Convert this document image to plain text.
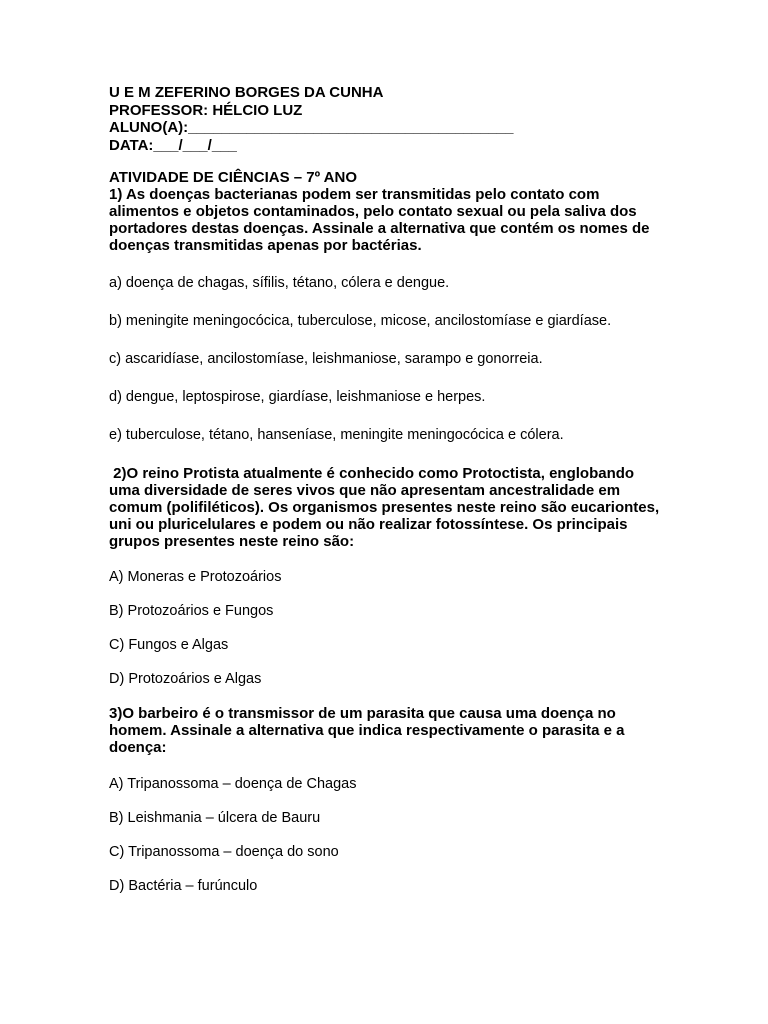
U E M ZEFERINO BORGES DA CUNHA
PROFESSOR: HÉLCIO LUZ
ALUNO(A):_______________________________________
DATA:___/___/___
ATIVIDADE DE CIÊNCIAS – 7º ANO
1) As doenças bacterianas podem ser transmitidas pelo contato com alimentos e objetos contaminados, pelo contato sexual ou pela saliva dos portadores destas doenças. Assinale a alternativa que contém os nomes de doenças transmitidas apenas por bactérias.
a) doença de chagas, sífilis, tétano, cólera e dengue.
b) meningite meningocócica, tuberculose, micose, ancilostomíase e giardíase.
c) ascaridíase, ancilostomíase, leishmaniose, sarampo e gonorreia.
d) dengue, leptospirose, giardíase, leishmaniose e herpes.
e) tuberculose, tétano, hanseníase, meningite meningocócica e cólera.
2)O reino Protista atualmente é conhecido como Protoctista, englobando uma diversidade de seres vivos que não apresentam ancestralidade em comum (polifiléticos). Os organismos presentes neste reino são eucariontes, uni ou pluricelulares e podem ou não realizar fotossíntese. Os principais grupos presentes neste reino são:
A) Moneras e Protozoários
B) Protozoários e Fungos
C) Fungos e Algas
D) Protozoários e Algas
3)O barbeiro é o transmissor de um parasita que causa uma doença no homem. Assinale a alternativa que indica respectivamente o parasita e a doença:
A) Tripanossoma – doença de Chagas
B) Leishmania – úlcera de Bauru
C) Tripanossoma – doença do sono
D) Bactéria – furúnculo
